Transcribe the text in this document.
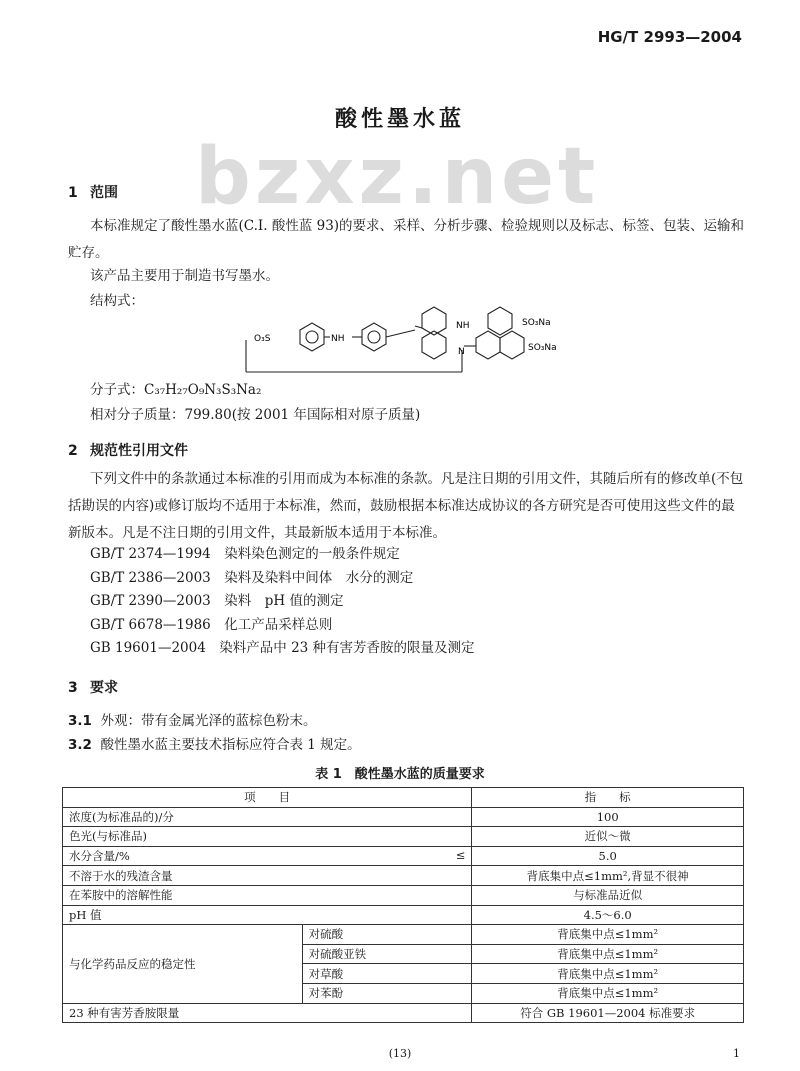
HG/T 2993—2004
酸性墨水蓝
bzxz.net
1 范围
本标准规定了酸性墨水蓝(C.I. 酸性蓝 93)的要求、采样、分析步骤、检验规则以及标志、标签、包装、运输和贮存。
该产品主要用于制造书写墨水。
结构式：
O₃S	NH
NH
N
SO₃Na
SO₃Na
分子式：C₃₇H₂₇O₉N₃S₃Na₂
相对分子质量：799.80(按 2001 年国际相对原子质量)
2 规范性引用文件
下列文件中的条款通过本标准的引用而成为本标准的条款。凡是注日期的引用文件，其随后所有的修改单(不包括勘误的内容)或修订版均不适用于本标准，然而，鼓励根据本标准达成协议的各方研究是否可使用这些文件的最新版本。凡是不注日期的引用文件，其最新版本适用于本标准。
GB/T 2374—1994　染料染色测定的一般条件规定
GB/T 2386—2003　染料及染料中间体　水分的测定
GB/T 2390—2003　染料　pH 值的测定
GB/T 6678—1986　化工产品采样总则
GB 19601—2004　染料产品中 23 种有害芳香胺的限量及测定
3 要求
3.1 外观：带有金属光泽的蓝棕色粉末。
3.2 酸性墨水蓝主要技术指标应符合表 1 规定。
表 1　酸性墨水蓝的质量要求
项　　目		指　　标
浓度(为标准品的)/分		100
色光(与标准品)		近似～微
水分含量/% ≤		5.0
不溶于水的残渣含量		背底集中点≤1mm²,背显不很神
在苯胺中的溶解性能		与标准品近似
pH 值		4.5～6.0
与化学药品反应的稳定性	对硫酸	背底集中点≤1mm²
	对硫酸亚铁	背底集中点≤1mm²
	对草酸	背底集中点≤1mm²
	对苯酚	背底集中点≤1mm²
23 种有害芳香胺限量		符合 GB 19601—2004 标准要求
(13)	1
